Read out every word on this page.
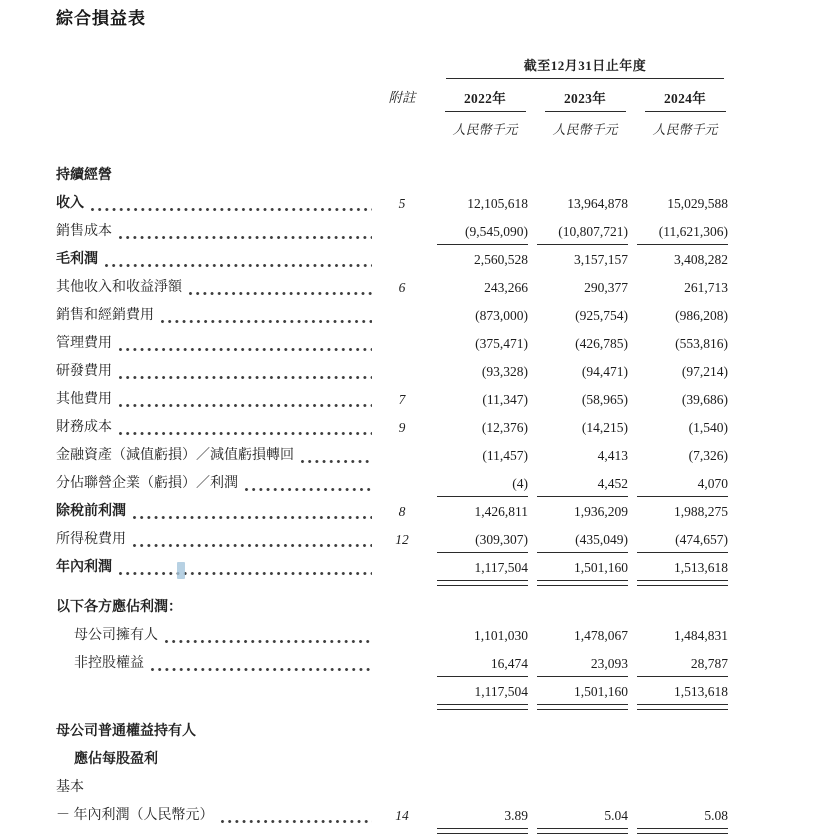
綜合損益表
截至12月31日止年度
附註	2022年	2023年	2024年
人民幣千元	人民幣千元	人民幣千元
持續經營
收入	5	12,105,618	13,964,878	15,029,588
銷售成本	(9,545,090)	(10,807,721)	(11,621,306)
毛利潤	2,560,528	3,157,157	3,408,282
其他收入和收益淨額	6	243,266	290,377	261,713
銷售和經銷費用	(873,000)	(925,754)	(986,208)
管理費用	(375,471)	(426,785)	(553,816)
研發費用	(93,328)	(94,471)	(97,214)
其他費用	7	(11,347)	(58,965)	(39,686)
財務成本	9	(12,376)	(14,215)	(1,540)
金融資產（減值虧損）／減值虧損轉回	(11,457)	4,413	(7,326)
分佔聯營企業（虧損）／利潤	(4)	4,452	4,070
除稅前利潤	8	1,426,811	1,936,209	1,988,275
所得稅費用	12	(309,307)	(435,049)	(474,657)
年內利潤	1,117,504	1,501,160	1,513,618
以下各方應佔利潤：
母公司擁有人	1,101,030	1,478,067	1,484,831
非控股權益	16,474	23,093	28,787
1,117,504	1,501,160	1,513,618
母公司普通權益持有人
應佔每股盈利
基本
－ 年內利潤（人民幣元）	14	3.89	5.04	5.08
